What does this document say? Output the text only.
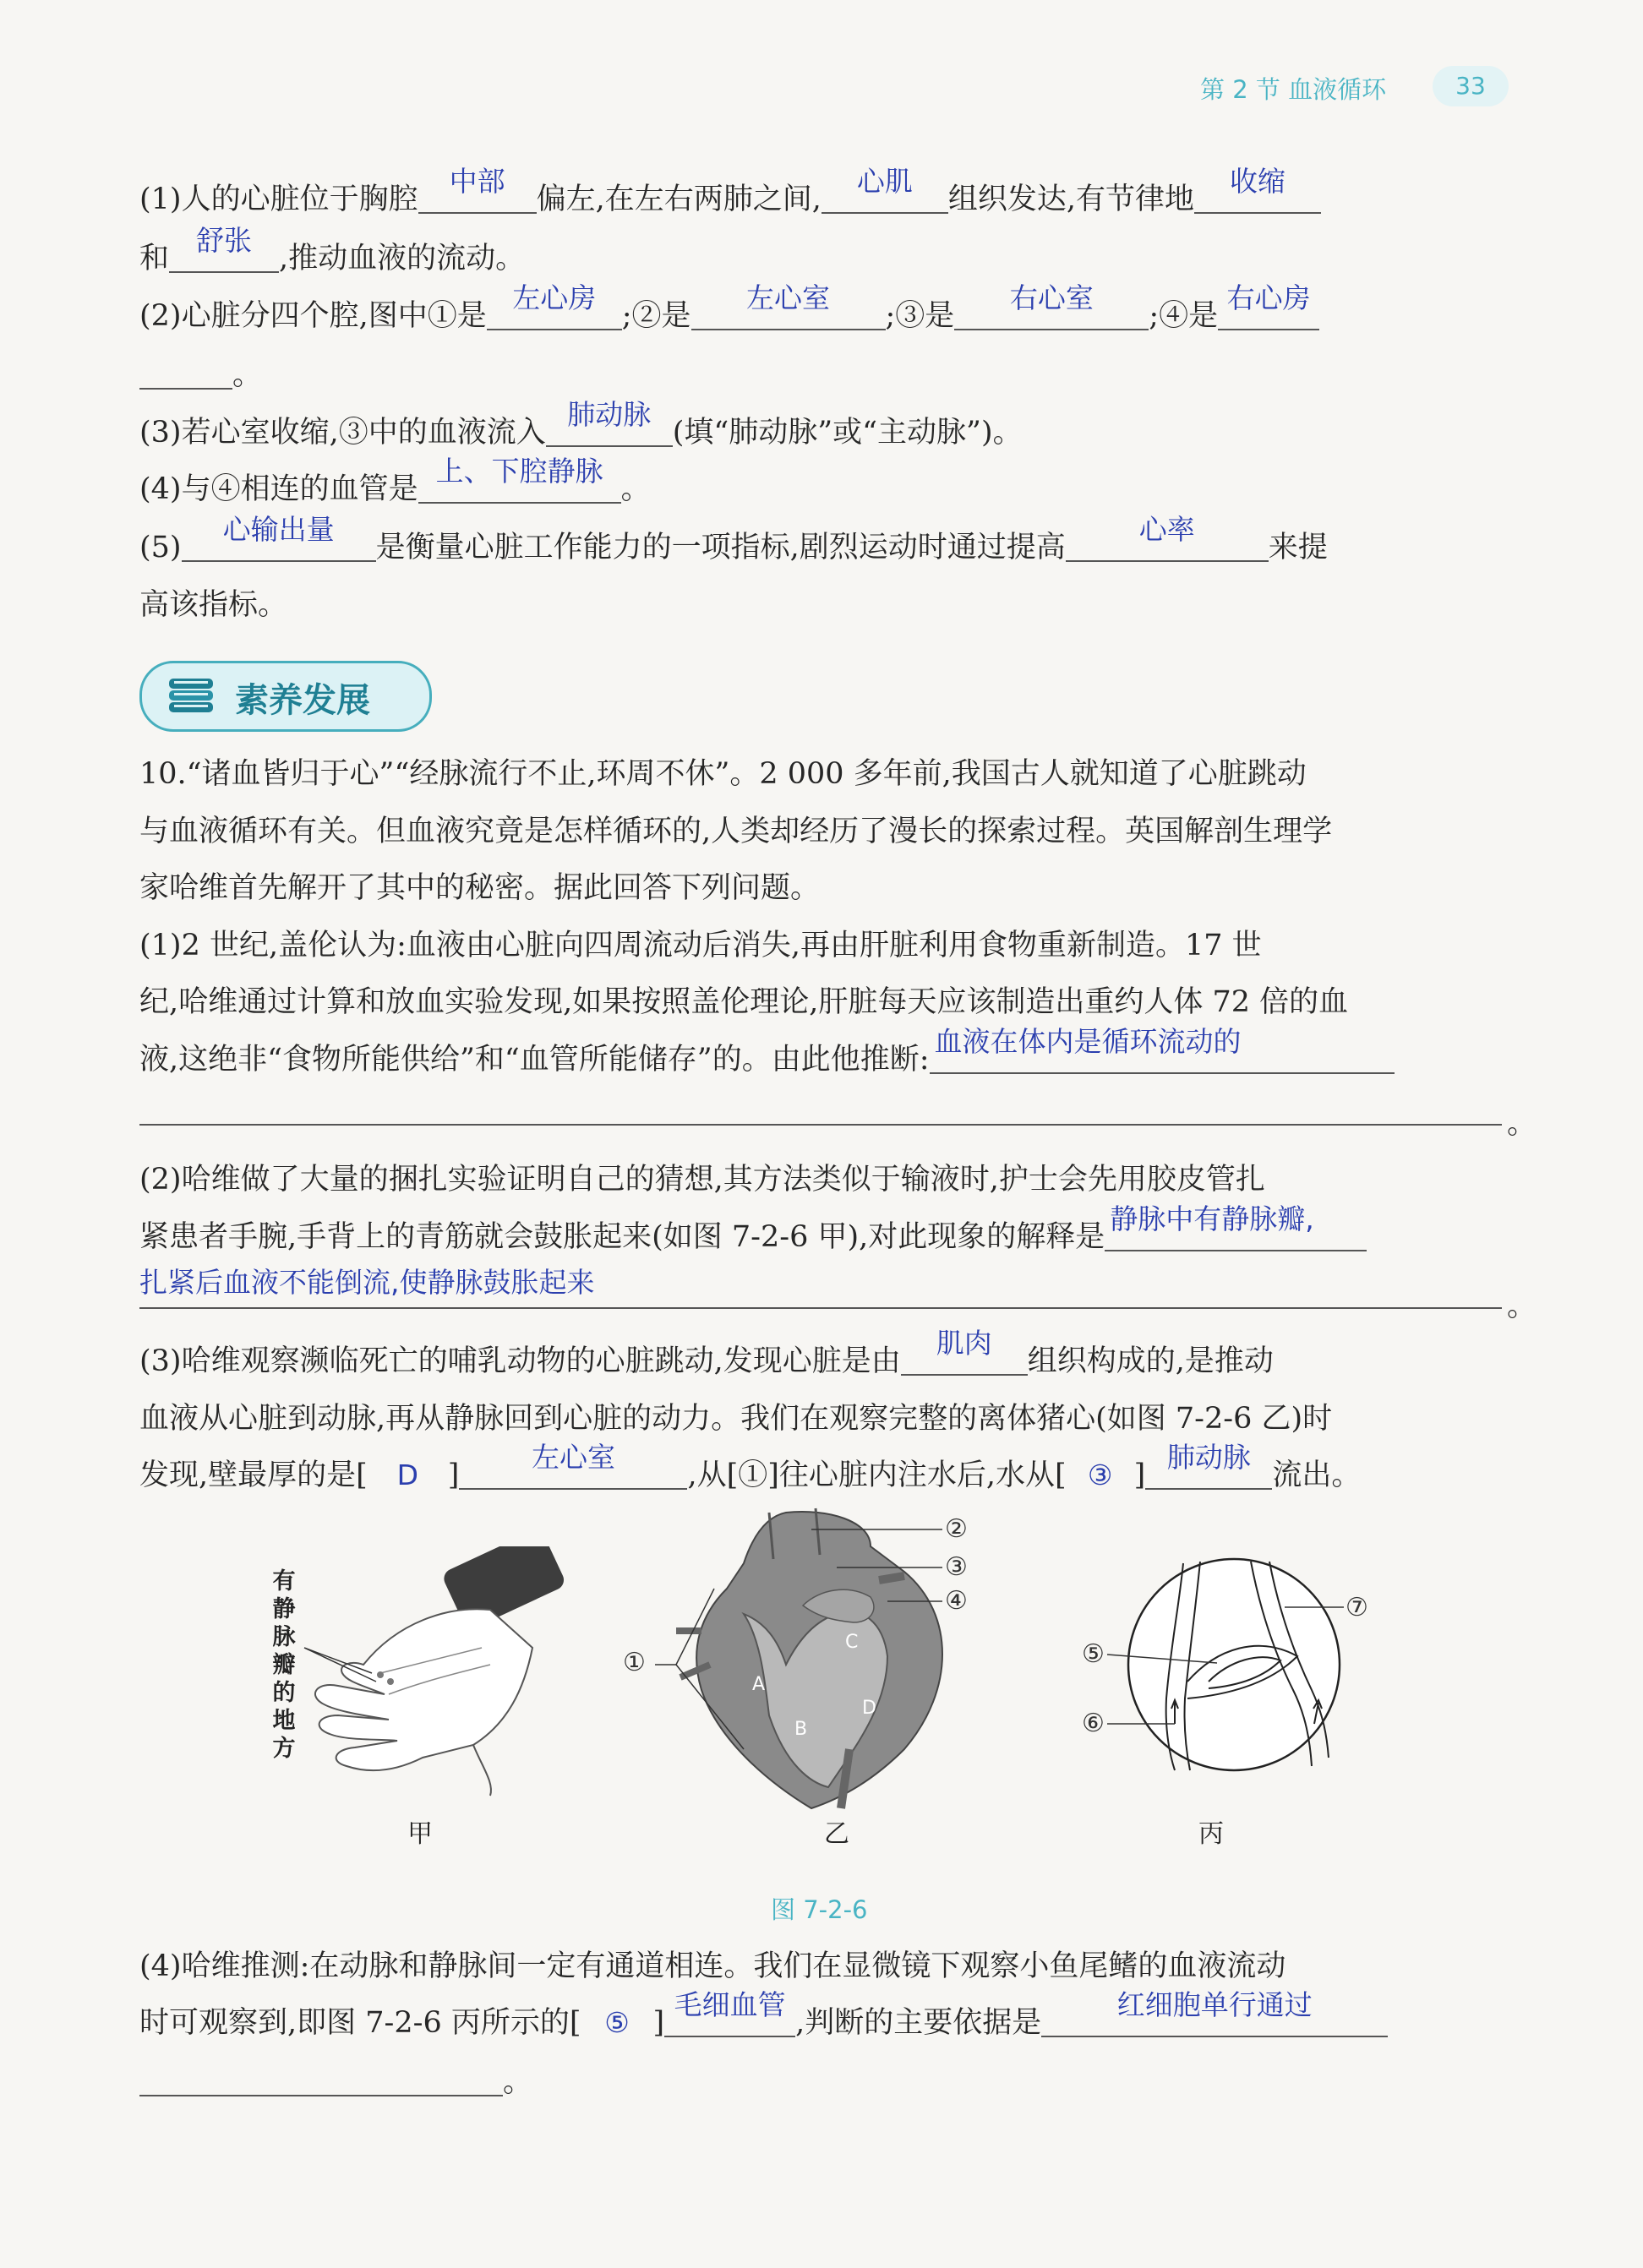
第 2 节 血液循环	33
(1)人的心脏位于胸腔
中部
偏左,在左右两肺之间,
心肌
组织发达,有节律地
收缩
和
舒张
,推动血液的流动。
(2)心脏分四个腔,图中①是
左心房
;②是
左心室
;③是
右心室
;④是
右心房
。
(3)若心室收缩,③中的血液流入
肺动脉
(填“肺动脉”或“主动脉”)。
(4)与④相连的血管是
上、下腔静脉
。
(5)
心输出量
是衡量心脏工作能力的一项指标,剧烈运动时通过提高
心率
来提
高该指标。
素养发展
10.“诸血皆归于心”“经脉流行不止,环周不休”。2 000 多年前,我国古人就知道了心脏跳动
与血液循环有关。但血液究竟是怎样循环的,人类却经历了漫长的探索过程。英国解剖生理学
家哈维首先解开了其中的秘密。据此回答下列问题。
(1)2 世纪,盖伦认为:血液由心脏向四周流动后消失,再由肝脏利用食物重新制造。17 世
纪,哈维通过计算和放血实验发现,如果按照盖伦理论,肝脏每天应该制造出重约人体 72 倍的血
液,这绝非“食物所能供给”和“血管所能储存”的。由此他推断:
血液在体内是循环流动的
。
(2)哈维做了大量的捆扎实验证明自己的猜想,其方法类似于输液时,护士会先用胶皮管扎
紧患者手腕,手背上的青筋就会鼓胀起来(如图 7-2-6 甲),对此现象的解释是
静脉中有静脉瓣,
扎紧后血液不能倒流,使静脉鼓胀起来
。
(3)哈维观察濒临死亡的哺乳动物的心脏跳动,发现心脏是由
肌肉
组织构成的,是推动
血液从心脏到动脉,再从静脉回到心脏的动力。我们在观察完整的离体猪心(如图 7-2-6 乙)时
发现,壁最厚的是[ D ]
左心室
,从[①]往心脏内注水后,水从[ ③ ]
肺动脉
流出。
有
静
脉
瓣
的
地
方
甲
A
B
C
D
②
③
④
①
乙
⑤
⑥
⑦
丙
图 7-2-6
(4)哈维推测:在动脉和静脉间一定有通道相连。我们在显微镜下观察小鱼尾鳍的血液流动
时可观察到,即图 7-2-6 丙所示的[ ⑤ ]
毛细血管
,判断的主要依据是
红细胞单行通过
。
